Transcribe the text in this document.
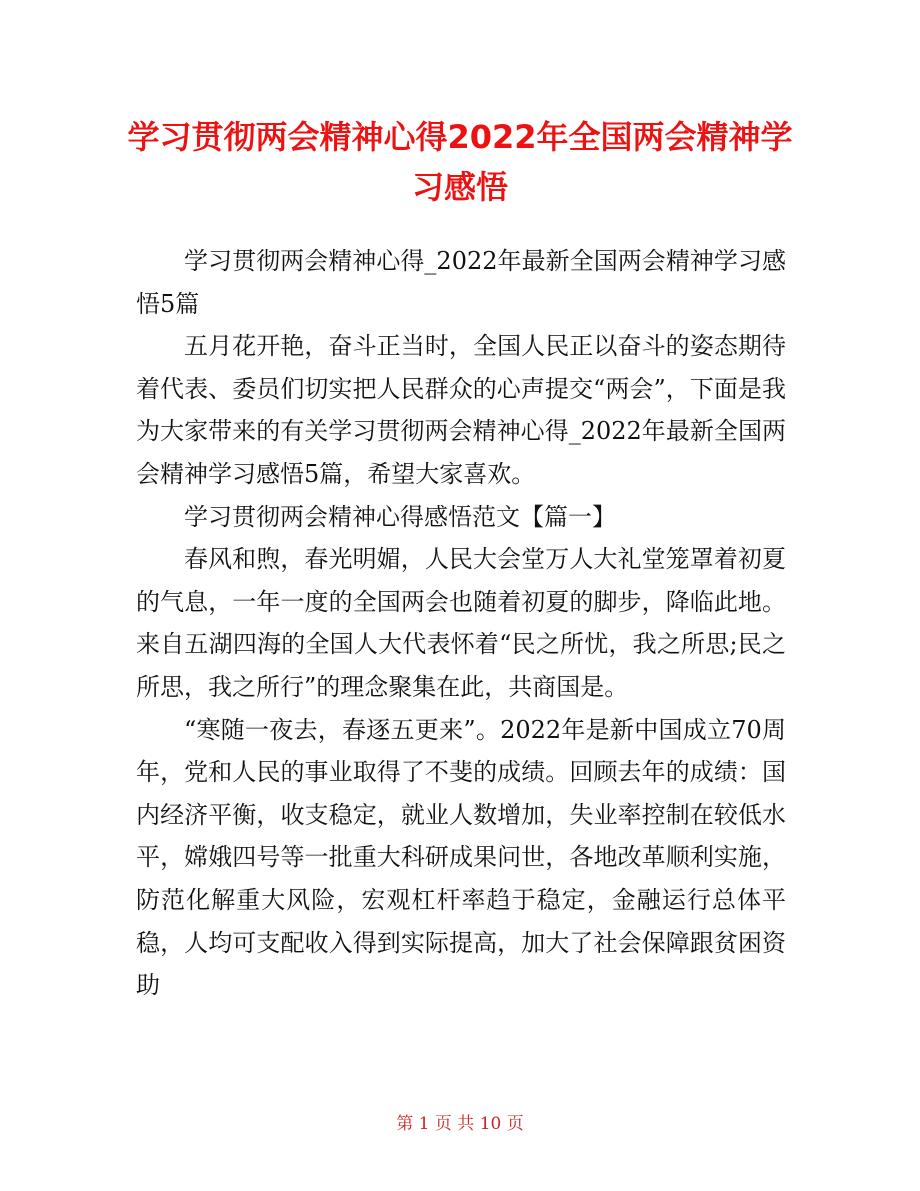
学习贯彻两会精神心得2022年全国两会精神学习感悟

学习贯彻两会精神心得_2022年最新全国两会精神学习感悟5篇

五月花开艳，奋斗正当时，全国人民正以奋斗的姿态期待着代表、委员们切实把人民群众的心声提交“两会”，下面是我为大家带来的有关学习贯彻两会精神心得_2022年最新全国两会精神学习感悟5篇，希望大家喜欢。

学习贯彻两会精神心得感悟范文【篇一】

春风和煦，春光明媚，人民大会堂万人大礼堂笼罩着初夏的气息，一年一度的全国两会也随着初夏的脚步，降临此地。来自五湖四海的全国人大代表怀着“民之所忧，我之所思;民之所思，我之所行”的理念聚集在此，共商国是。

“寒随一夜去，春逐五更来”。2022年是新中国成立70周年，党和人民的事业取得了不斐的成绩。回顾去年的成绩：国内经济平衡，收支稳定，就业人数增加，失业率控制在较低水平，嫦娥四号等一批重大科研成果问世，各地改革顺利实施，防范化解重大风险，宏观杠杆率趋于稳定，金融运行总体平稳，人均可支配收入得到实际提高，加大了社会保障跟贫困资助

第 1 页 共 10 页
